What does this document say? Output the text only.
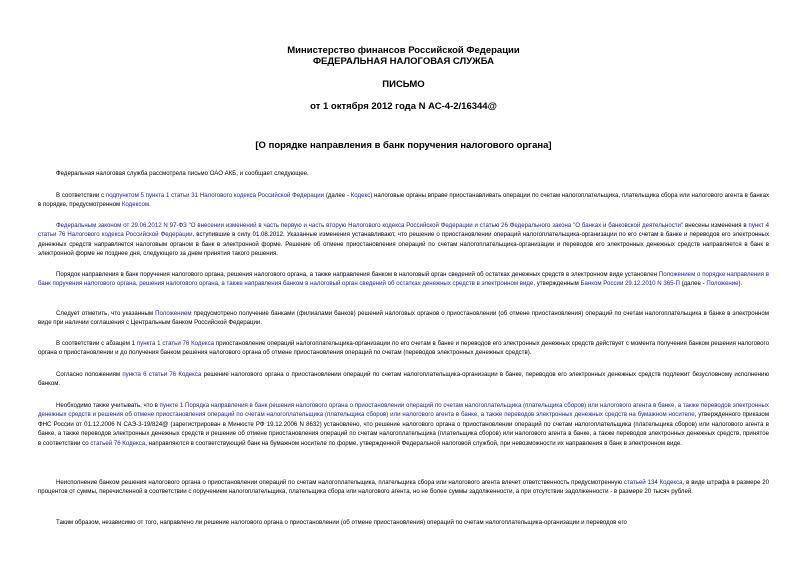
Министерство финансов Российской Федерации
ФЕДЕРАЛЬНАЯ НАЛОГОВАЯ СЛУЖБА
ПИСЬМО
от 1 октября 2012 года N АС-4-2/16344@
[О порядке направления в банк поручения налогового органа]

Федеральная налоговая служба рассмотрела письмо ОАО АКБ, и сообщает следующее.

В соответствии с подпунктом 5 пункта 1 статьи 31 Налогового кодекса Российской Федерации (далее - Кодекс) налоговые органы вправе приостанавливать операции по счетам налогоплательщика, плательщика сбора или налогового агента в банках в порядке, предусмотренном Кодексом.

Федеральным законом от 29.06.2012 N 97-ФЗ "О внесении изменений в часть первую и часть вторую Налогового кодекса Российской Федерации и статью 26 Федерального закона "О банках и банковской деятельности" внесены изменения в пункт 4 статьи 76 Налогового кодекса Российской Федерации, вступившие в силу 01.08.2012. Указанные изменения устанавливают, что решение о приостановлении операций налогоплательщика-организации по его счетам в банке и переводов его электронных денежных средств направляется налоговым органом в банк в электронной форме. Решение об отмене приостановления операций по счетам налогоплательщика-организации и переводов его электронных денежных средств направляется в банк в электронной форме не позднее дня, следующего за днем принятия такого решения.

Порядок направления в банк поручения налогового органа, решения налогового органа, а также направления банком в налоговый орган сведений об остатках денежных средств в электронном виде установлен Положением о порядке направления в банк поручения налогового органа, решения налогового органа, а также направления банком в налоговый орган сведений об остатках денежных средств в электронном виде, утвержденным Банком России 29.12.2010 N 365-П (далее - Положение).

Следует отметить, что указанным Положением предусмотрено получение банками (филиалами банков) решений налоговых органов о приостановлении (об отмене приостановления) операций по счетам налогоплательщика в банке в электронном виде при наличии соглашения с Центральным банком Российской Федерации.

В соответствии с абзацем 1 пункта 1 статьи 76 Кодекса приостановление операций налогоплательщика-организации по его счетам в банке и переводов его электронных денежных средств действует с момента получения банком решения налогового органа о приостановлении и до получения банком решения налогового органа об отмене приостановления операций по счетам (переводов электронных денежных средств).

Согласно положениям пункта 6 статьи 76 Кодекса решение налогового органа о приостановлении операций по счетам налогоплательщика-организации в банке, переводов его электронных денежных средств подлежит безусловному исполнению банком.

Необходимо также учитывать, что в пункте 1 Порядка направления в банк решения налогового органа о приостановлении операций по счетам налогоплательщика (плательщика сборов) или налогового агента в банке, а также переводов электронных денежных средств и решения об отмене приостановления операций по счетам налогоплательщика (плательщика сборов) или налогового агента в банке, а также переводов электронных денежных средств на бумажном носителе, утвержденного приказом ФНС России от 01.12.2006 N САЭ-3-19/824@ (зарегистрирован в Минюсте РФ 19.12.2006 N 8632) установлено, что решение налогового органа о приостановлении операций по счетам налогоплательщика (плательщика сборов) или налогового агента в банке, а также переводов электронных денежных средств и решение об отмене приостановления операций по счетам налогоплательщика (плательщика сборов) или налогового агента в банке, а также переводов электронных денежных средств, принятое в соответствии со статьей 76 Кодекса, направляются в соответствующий банк на бумажном носителе по форме, утвержденной Федеральной налоговой службой, при невозможности их направления в банк в электронном виде.

Неисполнение банком решения налогового органа о приостановлении операций по счетам налогоплательщика, плательщика сбора или налогового агента влечет ответственность предусмотренную статьей 134 Кодекса, в виде штрафа в размере 20 процентов от суммы, перечисленной в соответствии с поручением налогоплательщика, плательщика сбора или налогового агента, но не более суммы задолженности, а при отсутствии задолженности - в размере 20 тысяч рублей.

Таким образом, независимо от того, направлено ли решение налогового органа о приостановлении (об отмене приостановления) операций по счетам налогоплательщика-организации и переводов его
